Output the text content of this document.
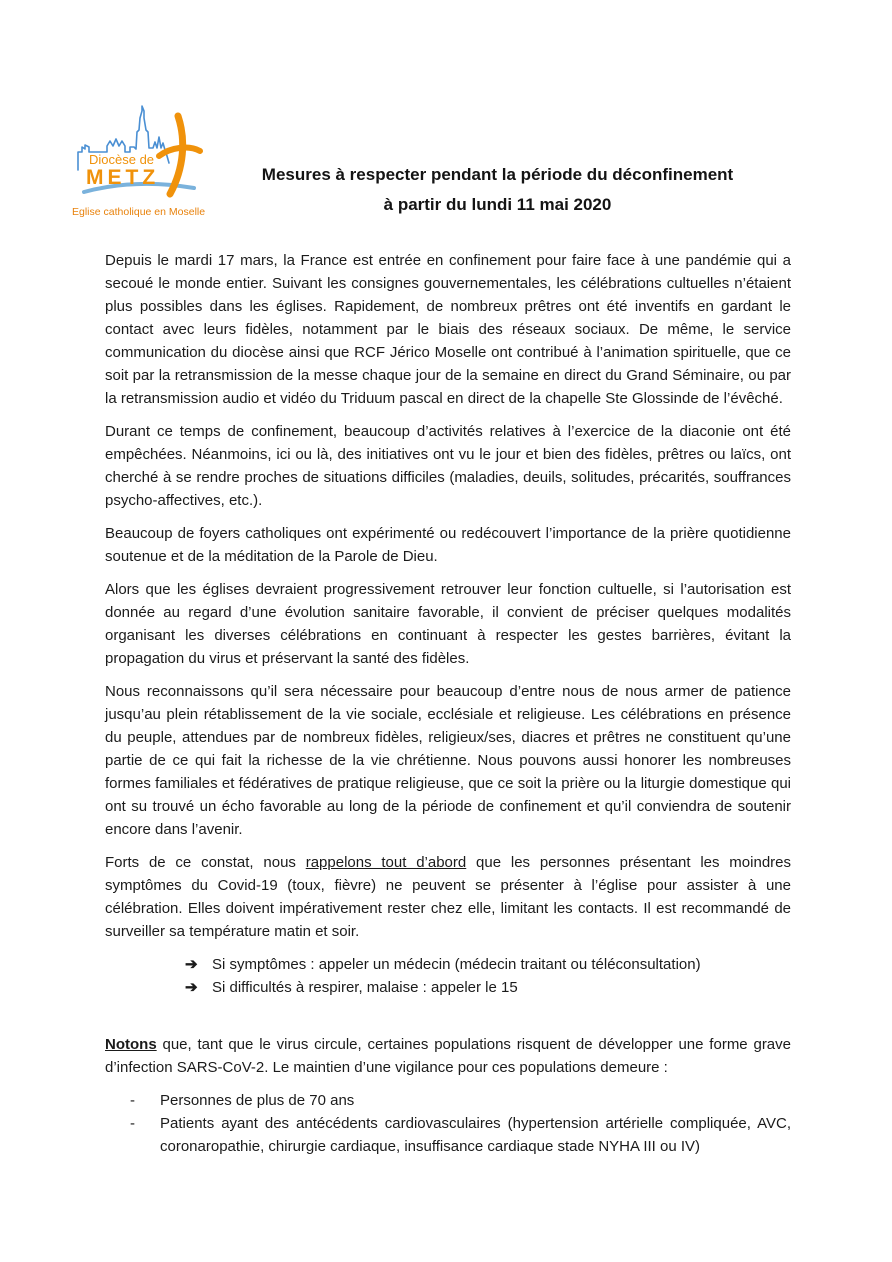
Diocèse de
METZ
Eglise catholique en Moselle
Mesures à respecter pendant la période du déconfinement
à partir du lundi 11 mai 2020

Depuis le mardi 17 mars, la France est entrée en confinement pour faire face à une pandémie qui a secoué le monde entier. Suivant les consignes gouvernementales, les célébrations cultuelles n’étaient plus possibles dans les églises. Rapidement, de nombreux prêtres ont été inventifs en gardant le contact avec leurs fidèles, notamment par le biais des réseaux sociaux. De même, le service communication du diocèse ainsi que RCF Jérico Moselle ont contribué à l’animation spirituelle, que ce soit par la retransmission de la messe chaque jour de la semaine en direct du Grand Séminaire, ou par la retransmission audio et vidéo du Triduum pascal en direct de la chapelle Ste Glossinde de l’évêché.

Durant ce temps de confinement, beaucoup d’activités relatives à l’exercice de la diaconie ont été empêchées. Néanmoins, ici ou là, des initiatives ont vu le jour et bien des fidèles, prêtres ou laïcs, ont cherché à se rendre proches de situations difficiles (maladies, deuils, solitudes, précarités, souffrances psycho-affectives, etc.).

Beaucoup de foyers catholiques ont expérimenté ou redécouvert l’importance de la prière quotidienne soutenue et de la méditation de la Parole de Dieu.

Alors que les églises devraient progressivement retrouver leur fonction cultuelle, si l’autorisation est donnée au regard d’une évolution sanitaire favorable, il convient de préciser quelques modalités organisant les diverses célébrations en continuant à respecter les gestes barrières, évitant la propagation du virus et préservant la santé des fidèles.

Nous reconnaissons qu’il sera nécessaire pour beaucoup d’entre nous de nous armer de patience jusqu’au plein rétablissement de la vie sociale, ecclésiale et religieuse. Les célébrations en présence du peuple, attendues par de nombreux fidèles, religieux/ses, diacres et prêtres ne constituent qu’une partie de ce qui fait la richesse de la vie chrétienne. Nous pouvons aussi honorer les nombreuses formes familiales et fédératives de pratique religieuse, que ce soit la prière ou la liturgie domestique qui ont su trouvé un écho favorable au long de la période de confinement et qu’il conviendra de soutenir encore dans l’avenir.

Forts de ce constat, nous rappelons tout d’abord que les personnes présentant les moindres symptômes du Covid-19 (toux, fièvre) ne peuvent se présenter à l’église pour assister à une célébration. Elles doivent impérativement rester chez elle, limitant les contacts. Il est recommandé de surveiller sa température matin et soir.

➔ Si symptômes : appeler un médecin (médecin traitant ou téléconsultation)
➔ Si difficultés à respirer, malaise : appeler le 15

Notons que, tant que le virus circule, certaines populations risquent de développer une forme grave d’infection SARS-CoV-2. Le maintien d’une vigilance pour ces populations demeure :

-	Personnes de plus de 70 ans
-	Patients ayant des antécédents cardiovasculaires (hypertension artérielle compliquée, AVC, coronaropathie, chirurgie cardiaque, insuffisance cardiaque stade NYHA III ou IV)
